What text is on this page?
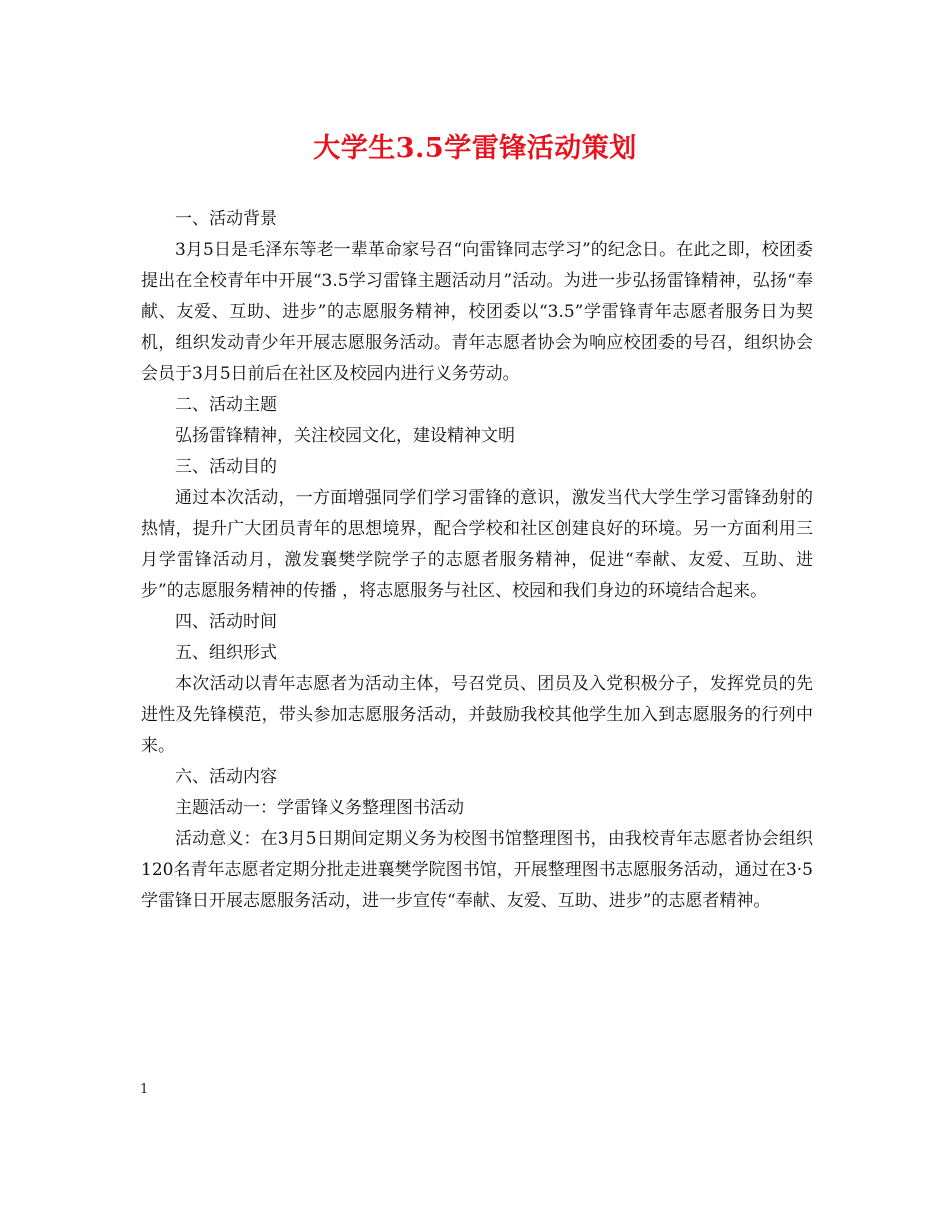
大学生3.5学雷锋活动策划

一、活动背景

3月5日是毛泽东等老一辈革命家号召“向雷锋同志学习”的纪念日。在此之即，校团委提出在全校青年中开展“3.5学习雷锋主题活动月”活动。为进一步弘扬雷锋精神，弘扬“奉献、友爱、互助、进步”的志愿服务精神，校团委以“3.5”学雷锋青年志愿者服务日为契机，组织发动青少年开展志愿服务活动。青年志愿者协会为响应校团委的号召，组织协会会员于3月5日前后在社区及校园内进行义务劳动。

二、活动主题

弘扬雷锋精神，关注校园文化，建设精神文明

三、活动目的

通过本次活动，一方面增强同学们学习雷锋的意识，激发当代大学生学习雷锋劲射的热情，提升广大团员青年的思想境界，配合学校和社区创建良好的环境。另一方面利用三月学雷锋活动月，激发襄樊学院学子的志愿者服务精神，促进“奉献、友爱、互助、进步”的志愿服务精神的传播 ，将志愿服务与社区、校园和我们身边的环境结合起来。

四、活动时间

五、组织形式

本次活动以青年志愿者为活动主体，号召党员、团员及入党积极分子，发挥党员的先进性及先锋模范，带头参加志愿服务活动，并鼓励我校其他学生加入到志愿服务的行列中来。

六、活动内容

主题活动一：学雷锋义务整理图书活动

活动意义：在3月5日期间定期义务为校图书馆整理图书，由我校青年志愿者协会组织120名青年志愿者定期分批走进襄樊学院图书馆，开展整理图书志愿服务活动，通过在3·5学雷锋日开展志愿服务活动，进一步宣传“奉献、友爱、互助、进步”的志愿者精神。

1
